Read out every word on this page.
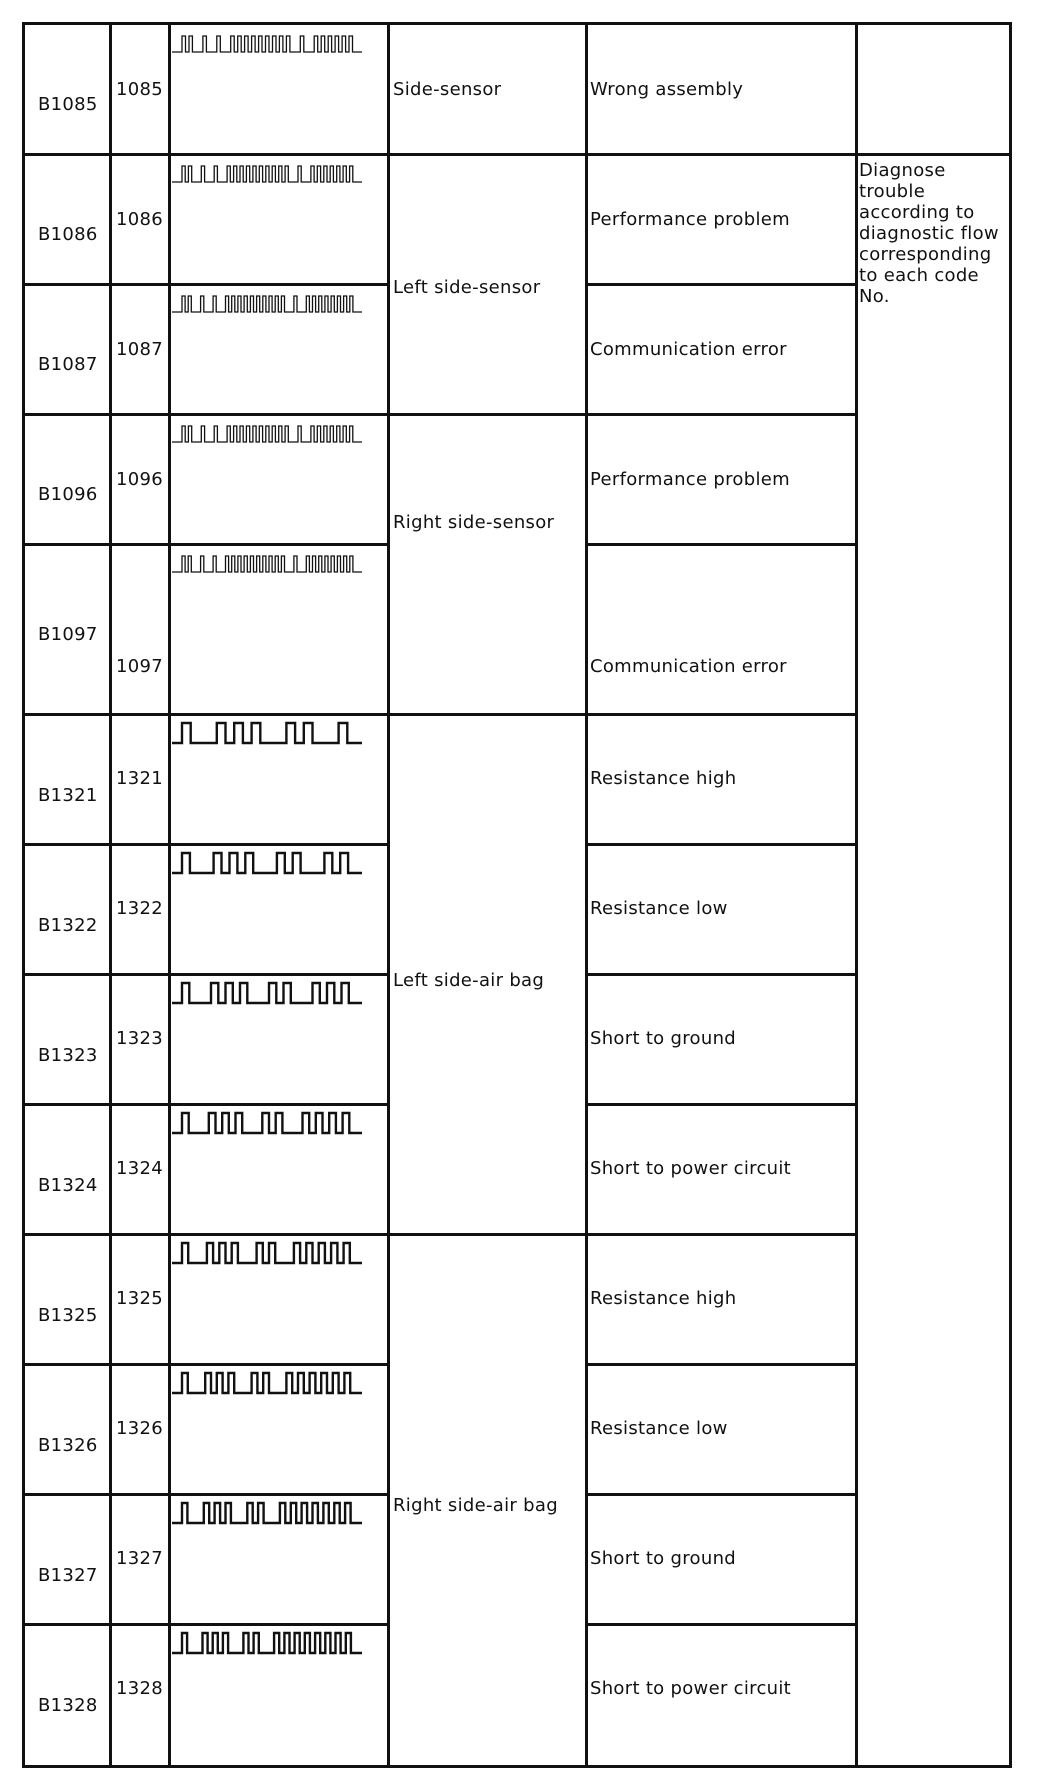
B1085
B1086
B1087
B1096
B1097
B1321
B1322
B1323
B1324
B1325
B1326
B1327
B1328
1085
1086
1087
1096
1097
1321
1322
1323
1324
1325
1326
1327
1328
Side-sensor
Left side-sensor
Right side-sensor
Left side-air bag
Right side-air bag
Wrong assembly
Performance problem
Communication error
Performance problem
Communication error
Resistance high
Resistance low
Short to ground
Short to power circuit
Resistance high
Resistance low
Short to ground
Short to power circuit
Diagnose trouble according to diagnostic flow corresponding to each code No.
